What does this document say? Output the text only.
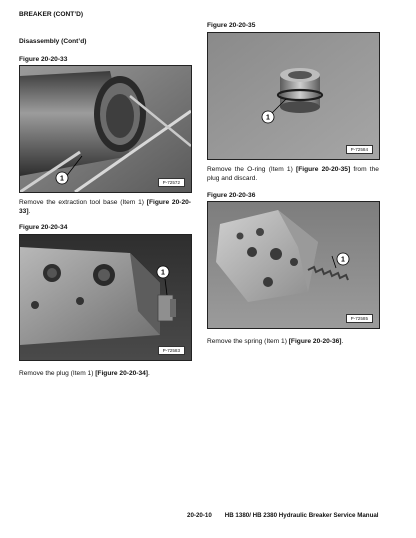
BREAKER (CONT’D)
Disassembly (Cont’d)
Figure 20-20-33
1	P-72572
Remove the extraction tool base (Item 1) [Figure 20-20-33].
Figure 20-20-34
1
P-72583
Remove the plug (Item 1) [Figure 20-20-34].
Figure 20-20-35
1
P-72584
Remove the O-ring (Item 1) [Figure 20-20-35] from the plug and discard.
Figure 20-20-36
1
P-72585
Remove the spring (Item 1) [Figure 20-20-36].
20-20-10 HB 1380/ HB 2380 Hydraulic Breaker Service Manual
